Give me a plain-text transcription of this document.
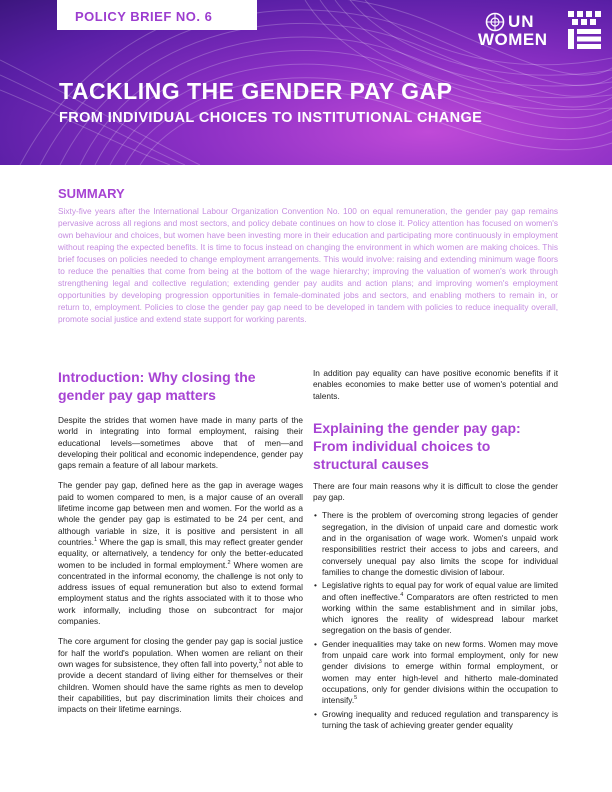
POLICY BRIEF NO. 6	UN
WOMEN
TACKLING THE GENDER PAY GAP
FROM INDIVIDUAL CHOICES TO INSTITUTIONAL CHANGE
SUMMARY

Sixty-five years after the International Labour Organization Convention No. 100 on equal remuneration, the gender pay gap remains pervasive across all regions and most sectors, and policy debate continues on how to close it. Policy attention has focused on women's own behaviour and choices, but women have been investing more in their education and participating more continuously in employment without reaping the expected benefits. It is time to focus instead on changing the environment in which women are making choices. This brief focuses on policies needed to change employment arrangements. This would involve: raising and extending minimum wage floors to reduce the penalties that come from being at the bottom of the wage hierarchy; improving the valuation of women's work through strengthening legal and collective regulation; extending gender pay audits and action plans; and improving women's employment opportunities by developing progression opportunities in female-dominated jobs and sectors, and enabling mothers to remain in, or return to, employment. Policies to close the gender pay gap need to be developed in tandem with policies to reduce inequality overall, promote social justice and extend state support for working parents.

Introduction: Why closing the gender pay gap matters

Despite the strides that women have made in many parts of the world in integrating into formal employment, raising their educational levels—sometimes above that of men—and developing their political and economic independence, gender pay gaps remain a feature of all labour markets.

The gender pay gap, defined here as the gap in average wages paid to women compared to men, is a major cause of an overall lifetime income gap between men and women. For the world as a whole the gender pay gap is estimated to be 24 per cent, and although variable in size, it is positive and persistent in all countries.$^1$ Where the gap is small, this may reflect greater gender equality, or alternatively, a tendency for only the better-educated women to be included in formal employment.$^2$ Where women are concentrated in the informal economy, the challenge is not only to address issues of equal remuneration but also to extend formal employment status and the rights associated with it to those who work informally, including those on subcontract for major companies.

The core argument for closing the gender pay gap is social justice for half the world's population. When women are reliant on their own wages for subsistence, they often fall into poverty,$^3$ not able to provide a decent standard of living either for themselves or their children. Women should have the same rights as men to develop their capabilities, but pay discrimination limits their choices and impacts on their lifetime earnings.

In addition pay equality can have positive economic benefits if it enables economies to make better use of women's potential and talents.

Explaining the gender pay gap: From individual choices to structural causes

There are four main reasons why it is difficult to close the gender pay gap.

• There is the problem of overcoming strong legacies of gender segregation, in the division of unpaid care and domestic work and in the organisation of wage work. Women's unpaid work responsibilities restrict their access to jobs and careers, and conversely unequal pay also limits the scope for individual families to change the domestic division of labour.
• Legislative rights to equal pay for work of equal value are limited and often ineffective.$^4$ Comparators are often restricted to men working within the same establishment and in similar jobs, which ignores the reality of widespread labour market segregation on the basis of gender.
• Gender inequalities may take on new forms. Women may move from unpaid care work into formal employment, only for new gender divisions to emerge within formal employment, or women may enter high-level and hitherto male-dominated occupations, only for gender divisions within the occupation to intensify.$^5$
• Growing inequality and reduced regulation and transparency is turning the task of achieving greater gender equality
